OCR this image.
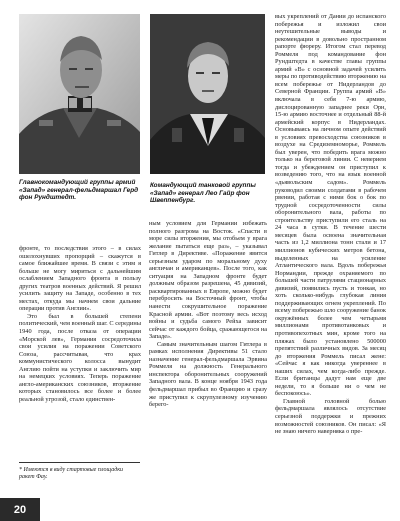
Главнокомандующий группы армий «Запад» генерал-фельдмаршал Герд фон Рундштедт.
Командующий танковой группы «Запад» генерал Лео Гайр фон Швеппенбург.

фронте, то последствия этого – в силах ошелохнувших пропорций – скажутся в самое ближайшее время. В связи с этим я больше не могу мириться с дальнейшим ослаблением Западного фронта в пользу других театров военных действий. Я решил усилить защиту на Западе, особенно в тех местах, откуда мы начнем свои дальние операции против Англии».
Это был в большей степени политический, чем военный шаг. С середины 1940 года, после отказа от операции «Морской лев», Германия сосредоточила свои усилия на поражении Советского Союза, рассчитывая, что крах коммунистического колосса вынудит Англию пойти на уступки и заключить мир на немецких условиях. Теперь поражение англо-американских союзников, вторжение которых становилось все более и более реальной угрозой, стало единствен-

ным условием для Германии избежать полного разгрома на Восток. «Спасти в море силы вторжения, мы отобьем у врага желание пытаться еще раз», – указывал Гитлер в Директиве. «Поражение явится серьезным ударом по моральному духу англичан и американцев». После того, как ситуация на Западном фронте будет должным образом разрешена, 45 дивизий, расквартированных в Европе, можно будет перебросить на Восточный фронт, чтобы нанести сокрушительное поражение Красной армии. «Вот поэтому весь исход войны и судьба самого Рейха зависит сейчас от каждого бойца, сражающегося на Западе».
Самым значительным шагом Гитлера в рамках исполнения Директивы 51 стало назначение генерал-фельдмаршала Эрвина Роммеля на должность Генерального инспектора оборонительных сооружений Западного вала. В конце ноября 1943 года фельдмаршал прибыл во Францию и сразу же приступил к скрупулезному изучению берего-

вых укреплений от Дании до испанского побережья и изложил свои неутешительные выводы и рекомендации в довольно пространном рапорте фюреру. Итогом стал перевод Роммеля под командование фон Рундштедта в качестве главы группы армий «В» с основной задачей усилить меры по противодействию вторжению на всем побережье от Нидерландов до Северной Франции. Группа армий «В» включала в себя 7-ю армию, дислоцированную западнее реки Орн, 15-ю армию восточнее и отдельный 88-й армейский корпус в Нидерландах. Основываясь на личном опыте действий в условиях превосходства союзников в воздухе на Средиземноморье, Роммель был уверен, что победить врага можно только на береговой линии. С неверием тогда и убеждением он приступил к возведению того, что на язык военной «дьявольским садом». Роммель руководил своими солдатами в рабочем рвении, работая с ними бок о бок по трудной сосредоточенности силы оборонительного вала, работы по строительству приступили его сталь на 24 часа в сутки. В течение шести месяцев была освоена значительная часть из 1,2 миллиона тонн стали и 17 миллионов кубических метров бетона, выделенных на усиление Атлантического вала. Вдоль побережья Нормандии, прежде охраняемого по большей части патрулями стационарных дивизий, появились пусть и тонкая, но хоть сколько-нибудь глубокая линия поддерживающих огнем укреплений. По всему побережью шло сооружение банок окружённых более чем четырьмя миллионами противотанковых и противопехотных мин, кроме того на пляжах было установлено 500000 препятствий различных видов. За месяц до вторжения Роммель писал жене: «Сейчас я как никогда увереннее в наших силах, чем когда-либо прежде. Если британцы дадут нам еще две недели, то я больше ни о чем не беспокоюсь».
Главной головной болью фельдмаршала являлось отсутствие серьезной поддержки и прежних возможностей союзников. Он писал: «Я не знаю ничего наверняка о пре-

* Имеются в виду стартовые площадки ракет Фау.
20
